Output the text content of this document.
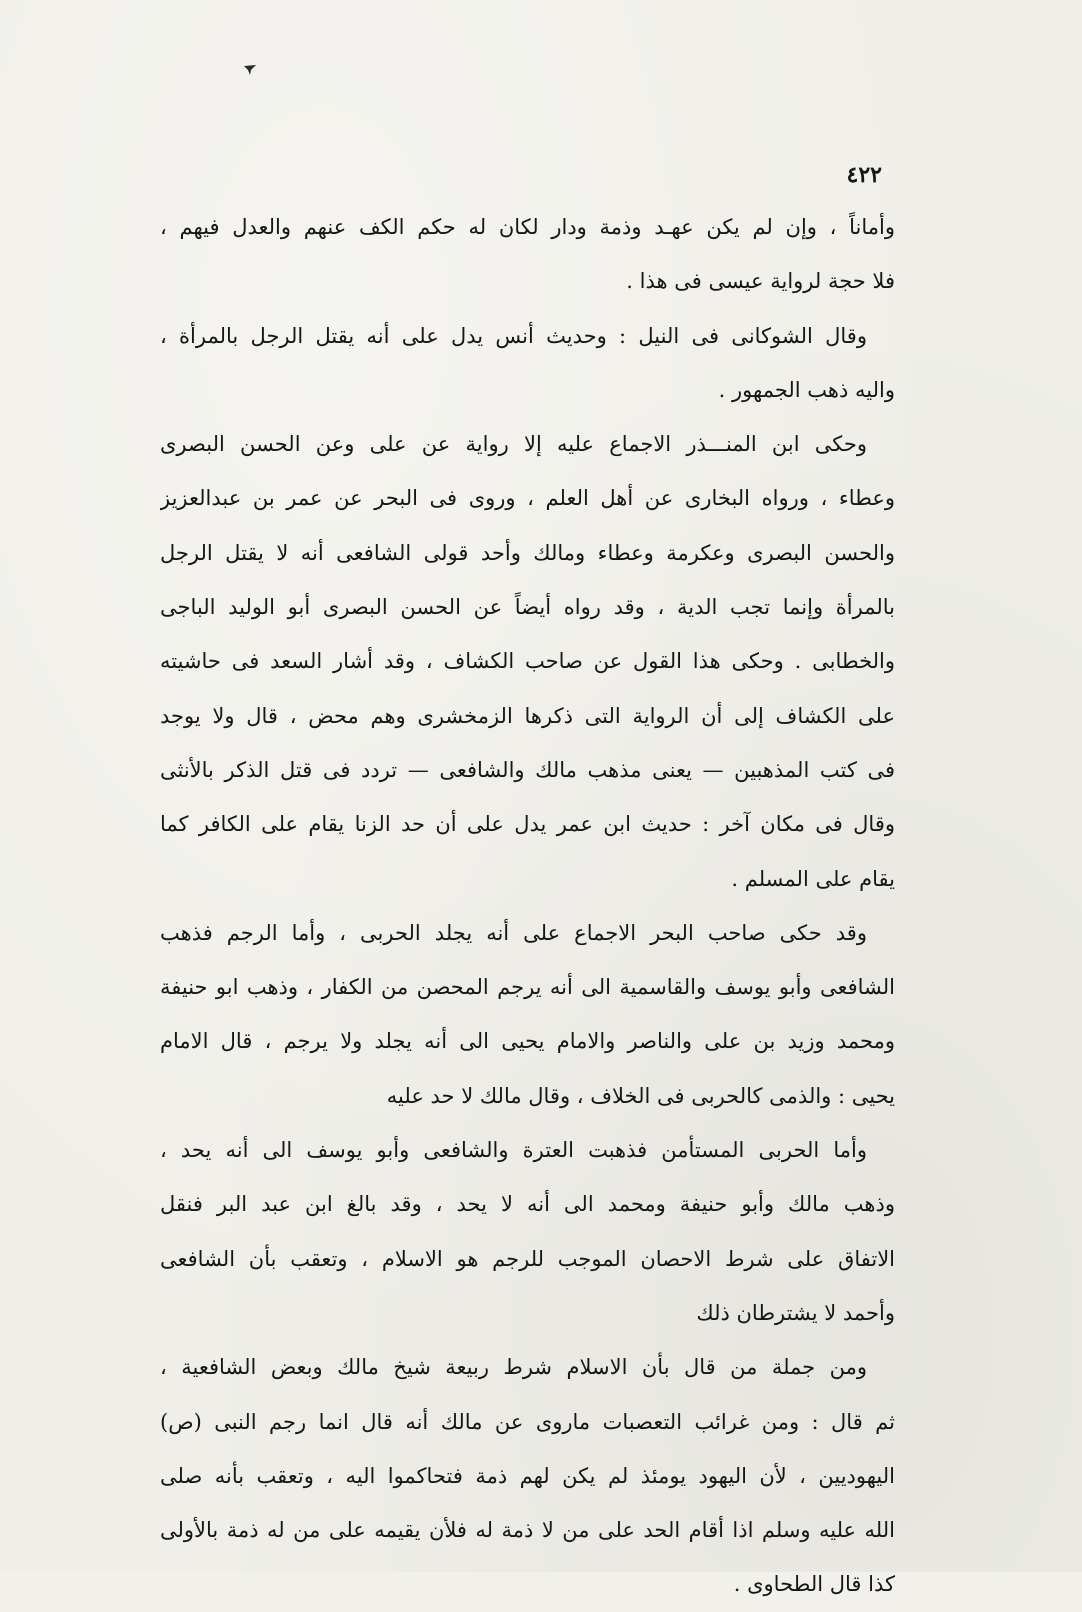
٤٢٢
وأماناً ، وإن لم يكن عهـد وذمة ودار لكان له حكم الكف عنهم والعدل فيهم ،
فلا حجة لرواية عيسى فى هذا .
وقال الشوكانى فى النيل : وحديث أنس يدل على أنه يقتل الرجل بالمرأة ،
واليه ذهب الجمهور .
وحكى ابن المنـــذر الاجماع عليه إلا رواية عن على وعن الحسن البصرى
وعطاء ، ورواه البخارى عن أهل العلم ، وروى فى البحر عن عمر بن عبدالعزيز
والحسن البصرى وعكرمة وعطاء ومالك وأحد قولى الشافعى أنه لا يقتل الرجل
بالمرأة وإنما تجب الدية ، وقد رواه أيضاً عن الحسن البصرى أبو الوليد الباجى
والخطابى . وحكى هذا القول عن صاحب الكشاف ، وقد أشار السعد فى حاشيته
على الكشاف إلى أن الرواية التى ذكرها الزمخشرى وهم محض ، قال ولا يوجد
فى كتب المذهبين — يعنى مذهب مالك والشافعى — تردد فى قتل الذكر بالأنثى
وقال فى مكان آخر : حديث ابن عمر يدل على أن حد الزنا يقام على الكافر كما
يقام على المسلم .
وقد حكى صاحب البحر الاجماع على أنه يجلد الحربى ، وأما الرجم فذهب
الشافعى وأبو يوسف والقاسمية الى أنه يرجم المحصن من الكفار ، وذهب ابو حنيفة
ومحمد وزيد بن على والناصر والامام يحيى الى أنه يجلد ولا يرجم ، قال الامام
يحيى : والذمى كالحربى فى الخلاف ، وقال مالك لا حد عليه
وأما الحربى المستأمن فذهبت العترة والشافعى وأبو يوسف الى أنه يحد ،
وذهب مالك وأبو حنيفة ومحمد الى أنه لا يحد ، وقد بالغ ابن عبد البر فنقل
الاتفاق على شرط الاحصان الموجب للرجم هو الاسلام ، وتعقب بأن الشافعى
وأحمد لا يشترطان ذلك
ومن جملة من قال بأن الاسلام شرط ربيعة شيخ مالك وبعض الشافعية ،
ثم قال : ومن غرائب التعصبات ماروى عن مالك أنه قال انما رجم النبى (ص)
اليهوديين ، لأن اليهود يومئذ لم يكن لهم ذمة فتحاكموا اليه ، وتعقب بأنه صلى
الله عليه وسلم اذا أقام الحد على من لا ذمة له فلأن يقيمه على من له ذمة بالأولى
كذا قال الطحاوى .
